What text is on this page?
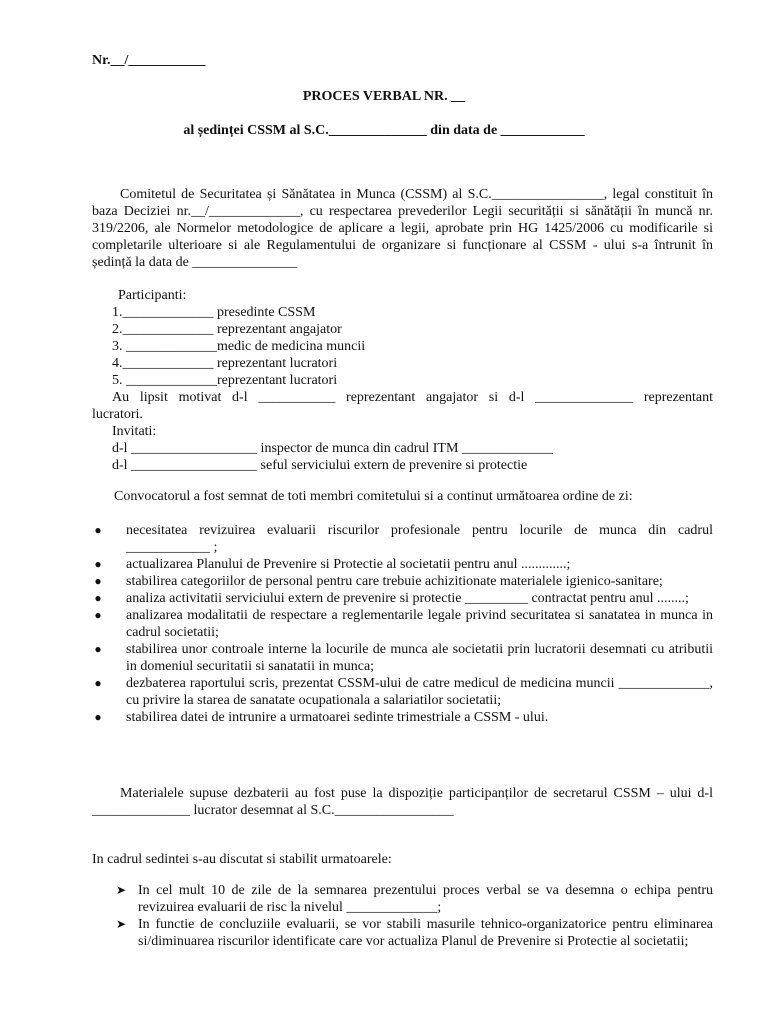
Nr.__/___________
PROCES VERBAL NR. __
al ședinței CSSM al S.C.______________ din data de ____________

Comitetul de Securitatea și Sănătatea in Munca (CSSM) al S.C.________________, legal constituit în baza Deciziei nr.__/_____________, cu respectarea prevederilor Legii securității si sănătății în muncă nr. 319/2206, ale Normelor metodologice de aplicare a legii, aprobate prin HG 1425/2006 cu modificarile si completarile ulterioare si ale Regulamentului de organizare si funcționare al CSSM - ului s-a întrunit în ședință la data de _______________

Participanti:
1._____________ presedinte CSSM
2._____________ reprezentant angajator
3. _____________medic de medicina muncii
4._____________ reprezentant lucratori
5. _____________reprezentant lucratori
Au lipsit motivat d-l ___________ reprezentant angajator si d-l ______________ reprezentant
lucratori.
Invitati:
d-l __________________ inspector de munca din cadrul ITM _____________
d-l __________________ seful serviciului extern de prevenire si protectie
Convocatorul a fost semnat de toti membri comitetului si a continut următoarea ordine de zi:
● necesitatea revizuirea evaluarii riscurilor profesionale pentru locurile de munca din cadrul ____________ ;
● actualizarea Planului de Prevenire si Protectie al societatii pentru anul .............;
● stabilirea categoriilor de personal pentru care trebuie achizitionate materialele igienico-sanitare;
● analiza activitatii serviciului extern de prevenire si protectie _________ contractat pentru anul ........;
● analizarea modalitatii de respectare a reglementarile legale privind securitatea si sanatatea in munca in cadrul societatii;
● stabilirea unor controale interne la locurile de munca ale societatii prin lucratorii desemnati cu atributii in domeniul securitatii si sanatatii in munca;
● dezbaterea raportului scris, prezentat CSSM-ului de catre medicul de medicina muncii _____________, cu privire la starea de sanatate ocupationala a salariatilor societatii;
● stabilirea datei de intrunire a urmatoarei sedinte trimestriale a CSSM - ului.

Materialele supuse dezbaterii au fost puse la dispoziție participanților de secretarul CSSM – ului d-l ______________ lucrator desemnat al S.C._________________

In cadrul sedintei s-au discutat si stabilit urmatoarele:
➤ In cel mult 10 de zile de la semnarea prezentului proces verbal se va desemna o echipa pentru revizuirea evaluarii de risc la nivelul _____________;
➤ In functie de concluziile evaluarii, se vor stabili masurile tehnico-organizatorice pentru eliminarea si/diminuarea riscurilor identificate care vor actualiza Planul de Prevenire si Protectie al societatii;
